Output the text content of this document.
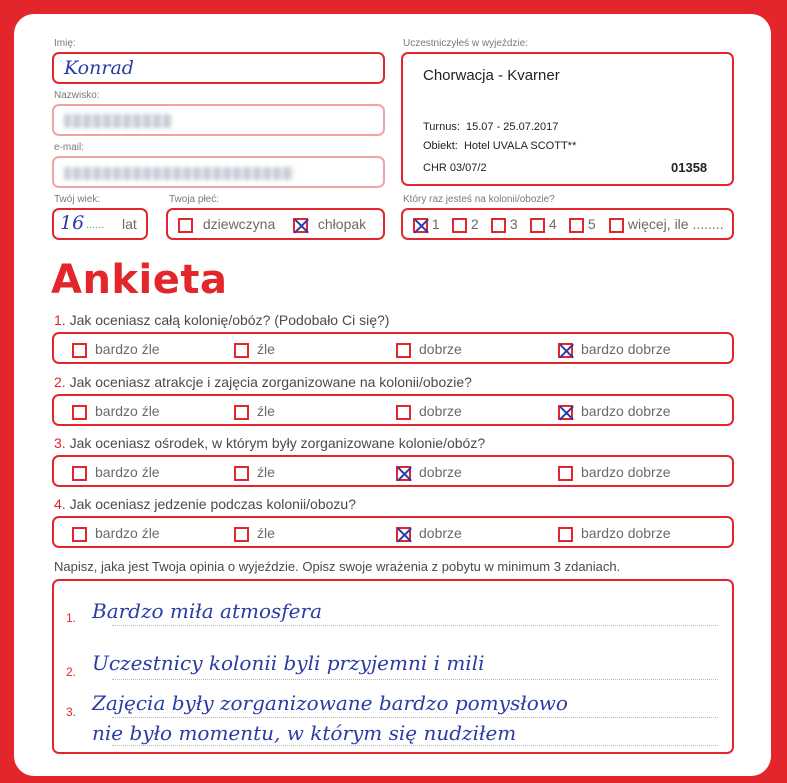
Imię:
Konrad
Nazwisko:
e-mail:
Twój wiek:
16 ...... lat
Twoja płeć:
dziewczyna	chłopak
Uczestniczyłeś w wyjeździe:
Chorwacja - Kvarner
Turnus:  15.07 - 25.07.2017
Obiekt:  Hotel UVALA SCOTT**
CHR 03/07/2	01358
Który raz jesteś na kolonii/obozie?
1	2	3	4	5	więcej, ile ........
Ankieta
1. Jak oceniasz całą kolonię/obóz? (Podobało Ci się?)
bardzo źle	źle	dobrze	bardzo dobrze
2. Jak oceniasz atrakcje i zajęcia zorganizowane na kolonii/obozie?
bardzo źle	źle	dobrze	bardzo dobrze
3. Jak oceniasz ośrodek, w którym były zorganizowane kolonie/obóz?
bardzo źle	źle	dobrze	bardzo dobrze
4. Jak oceniasz jedzenie podczas kolonii/obozu?
bardzo źle	źle	dobrze	bardzo dobrze
Napisz, jaka jest Twoja opinia o wyjeździe. Opisz swoje wrażenia z pobytu w minimum 3 zdaniach.
1. Bardzo miła atmosfera
2. Uczestnicy kolonii byli przyjemni i mili
3. Zajęcia były zorganizowane bardzo pomysłowo
nie było momentu, w którym się nudziłem
